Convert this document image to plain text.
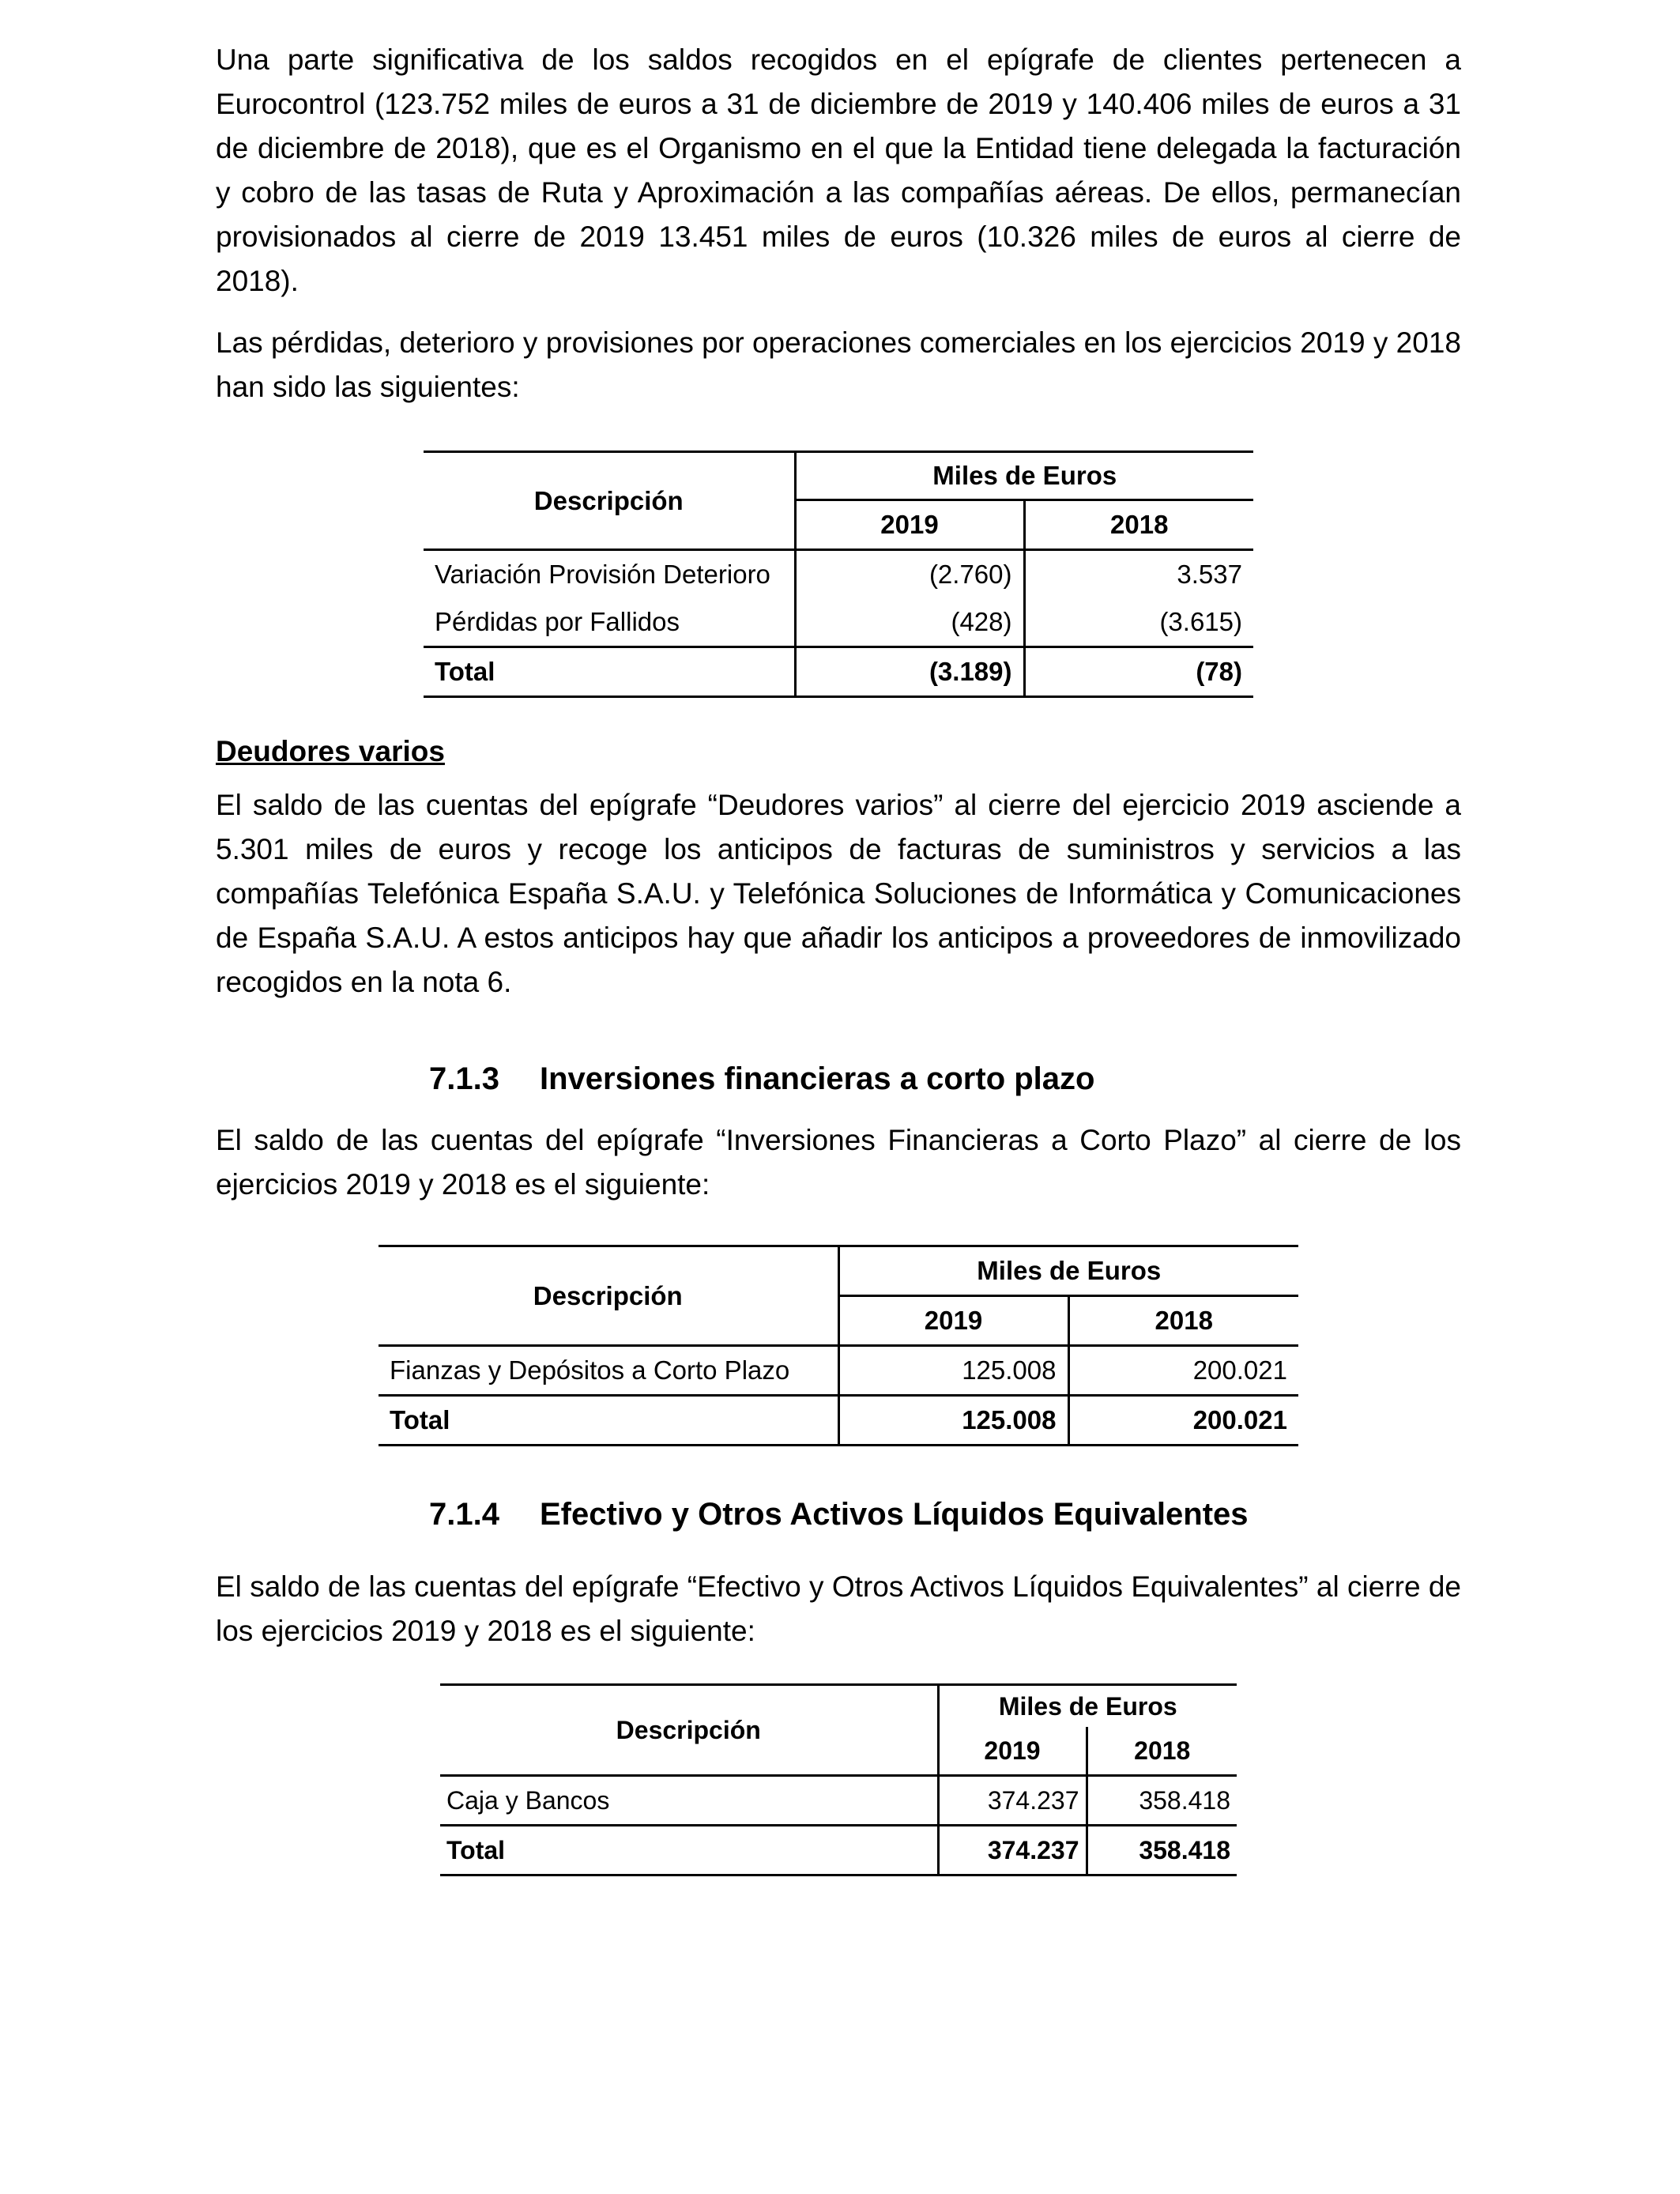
Una parte significativa de los saldos recogidos en el epígrafe de clientes pertenecen a Eurocontrol (123.752 miles de euros a 31 de diciembre de 2019 y 140.406 miles de euros a 31 de diciembre de 2018), que es el Organismo en el que la Entidad tiene delegada la facturación y cobro de las tasas de Ruta y Aproximación a las compañías aéreas. De ellos, permanecían provisionados al cierre de 2019 13.451 miles de euros (10.326 miles de euros al cierre de 2018).

Las pérdidas, deterioro y provisiones por operaciones comerciales en los ejercicios 2019 y 2018 han sido las siguientes:

Descripción	Miles de Euros	
	2019	2018
Variación Provisión Deterioro	(2.760)	3.537
Pérdidas por Fallidos	(428)	(3.615)
Total	(3.189)	(78)

Deudores varios

El saldo de las cuentas del epígrafe “Deudores varios” al cierre del ejercicio 2019 asciende a 5.301 miles de euros y recoge los anticipos de facturas de suministros y servicios a las compañías Telefónica España S.A.U. y Telefónica Soluciones de Informática y Comunicaciones de España S.A.U. A estos anticipos hay que añadir los anticipos a proveedores de inmovilizado recogidos en la nota 6.

7.1.3 Inversiones financieras a corto plazo

El saldo de las cuentas del epígrafe “Inversiones Financieras a Corto Plazo” al cierre de los ejercicios 2019 y 2018 es el siguiente:

Descripción	Miles de Euros	
	2019	2018
Fianzas y Depósitos a Corto Plazo	125.008	200.021
Total	125.008	200.021
7.1.4 Efectivo y Otros Activos Líquidos Equivalentes

El saldo de las cuentas del epígrafe “Efectivo y Otros Activos Líquidos Equivalentes” al cierre de los ejercicios 2019 y 2018 es el siguiente:

Descripción	Miles de Euros	
	2019	2018
Caja y Bancos	374.237	358.418
Total	374.237	358.418
